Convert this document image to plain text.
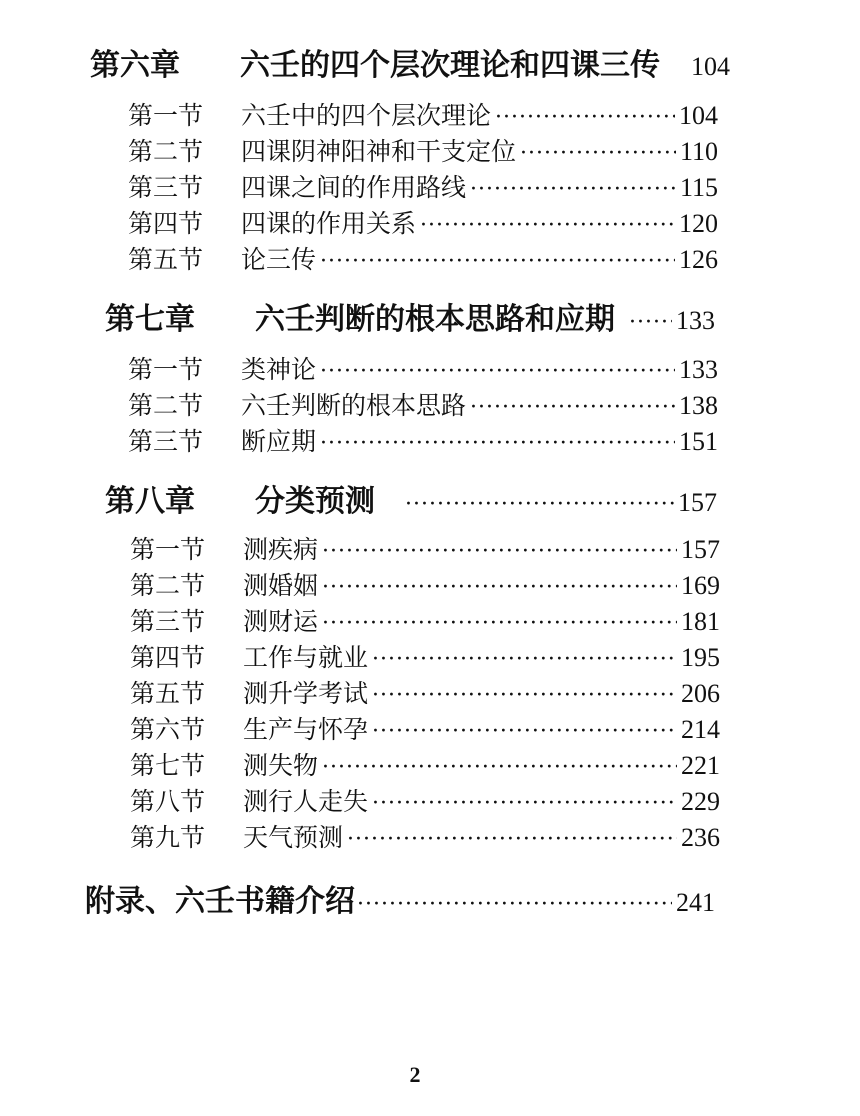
第六章	六壬的四个层次理论和四课三传 104
第一节	六壬中的四个层次理论 ·····	104
第二节	四课阴神阳神和干支定位 ·····	110
第三节	四课之间的作用路线 ·····	115
第四节	四课的作用关系 ·····	120
第五节	论三传 ·····	126
第七章	六壬判断的根本思路和应期 ····· 133
第一节	类神论 ·····	133
第二节	六壬判断的根本思路 ·····	138
第三节	断应期 ·····	151
第八章	分类预测 ·····	157
第一节	测疾病 ·····	157
第二节	测婚姻 ·····	169
第三节	测财运 ·····	181
第四节	工作与就业 ·····	195
第五节	测升学考试 ·····	206
第六节	生产与怀孕 ·····	214
第七节	测失物 ·····	221
第八节	测行人走失 ·····	229
第九节	天气预测 ·····	236
附录、六壬书籍介绍 ·····	241
2
